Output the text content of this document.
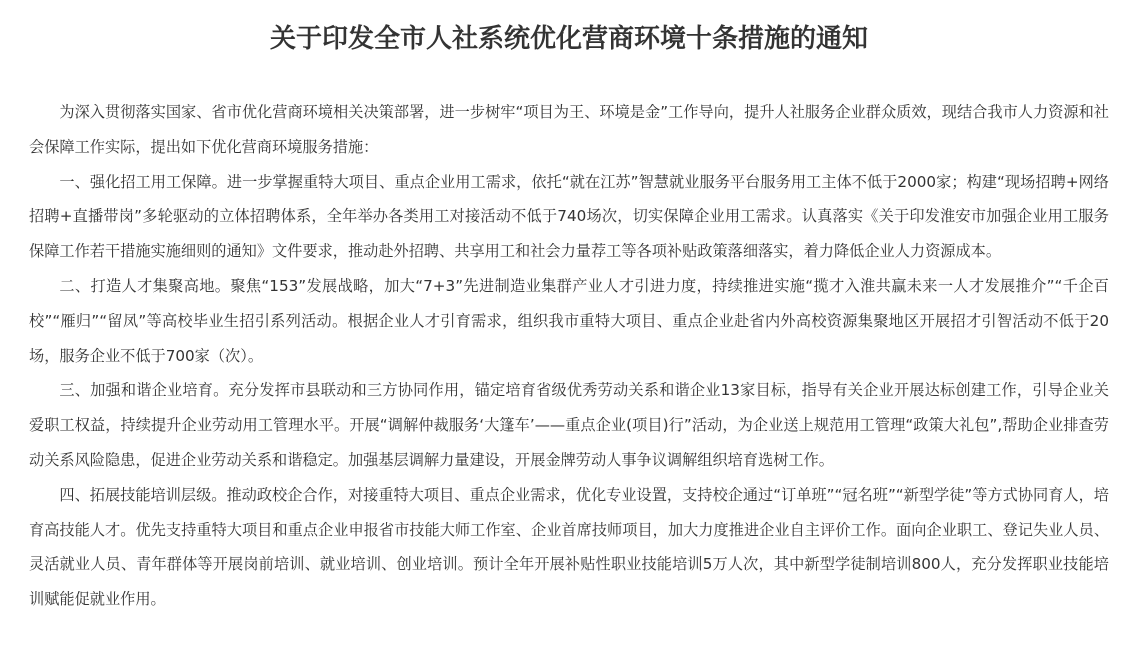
关于印发全市人社系统优化营商环境十条措施的通知

为深入贯彻落实国家、省市优化营商环境相关决策部署，进一步树牢“项目为王、环境是金”工作导向，提升人社服务企业群众质效，现结合我市人力资源和社会保障工作实际，提出如下优化营商环境服务措施：

一、强化招工用工保障。进一步掌握重特大项目、重点企业用工需求，依托“就在江苏”智慧就业服务平台服务用工主体不低于2000家；构建“现场招聘+网络招聘+直播带岗”多轮驱动的立体招聘体系，全年举办各类用工对接活动不低于740场次，切实保障企业用工需求。认真落实《关于印发淮安市加强企业用工服务保障工作若干措施实施细则的通知》文件要求，推动赴外招聘、共享用工和社会力量荐工等各项补贴政策落细落实，着力降低企业人力资源成本。

二、打造人才集聚高地。聚焦“153”发展战略，加大“7+3”先进制造业集群产业人才引进力度，持续推进实施“揽才入淮共赢未来一人才发展推介”“千企百校”“雁归”“留凤”等高校毕业生招引系列活动。根据企业人才引育需求，组织我市重特大项目、重点企业赴省内外高校资源集聚地区开展招才引智活动不低于20场，服务企业不低于700家（次）。

三、加强和谐企业培育。充分发挥市县联动和三方协同作用，锚定培育省级优秀劳动关系和谐企业13家目标，指导有关企业开展达标创建工作，引导企业关爱职工权益，持续提升企业劳动用工管理水平。开展“调解仲裁服务‘大篷车’——重点企业(项目)行”活动，为企业送上规范用工管理“政策大礼包”,帮助企业排查劳动关系风险隐患，促进企业劳动关系和谐稳定。加强基层调解力量建设，开展金牌劳动人事争议调解组织培育选树工作。

四、拓展技能培训层级。推动政校企合作，对接重特大项目、重点企业需求，优化专业设置，支持校企通过“订单班”“冠名班”“新型学徒”等方式协同育人，培育高技能人才。优先支持重特大项目和重点企业申报省市技能大师工作室、企业首席技师项目，加大力度推进企业自主评价工作。面向企业职工、登记失业人员、灵活就业人员、青年群体等开展岗前培训、就业培训、创业培训。预计全年开展补贴性职业技能培训5万人次，其中新型学徒制培训800人，充分发挥职业技能培训赋能促就业作用。
